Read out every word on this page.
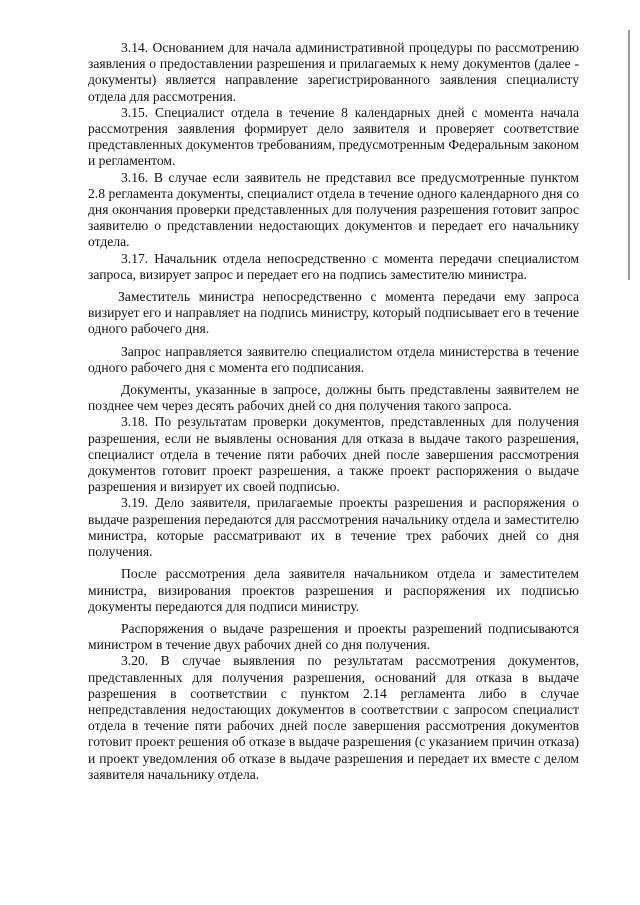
3.14. Основанием для начала административной процедуры по рассмотрению заявления о предоставлении разрешения и прилагаемых к нему документов (далее - документы) является направление зарегистрированного заявления специалисту отдела для рассмотрения.

3.15. Специалист отдела в течение 8 календарных дней с момента начала рассмотрения заявления формирует дело заявителя и проверяет соответствие представленных документов требованиям, предусмотренным Федеральным законом и регламентом.

3.16. В случае если заявитель не представил все предусмотренные пунктом 2.8 регламента документы, специалист отдела в течение одного календарного дня со дня окончания проверки представленных для получения разрешения готовит запрос заявителю о представлении недостающих документов и передает его начальнику отдела.

3.17. Начальник отдела непосредственно с момента передачи специалистом запроса, визирует запрос и передает его на подпись заместителю министра.

Заместитель министра непосредственно с момента передачи ему запроса визирует его и направляет на подпись министру, который подписывает его в течение одного рабочего дня.

Запрос направляется заявителю специалистом отдела министерства в течение одного рабочего дня с момента его подписания.

Документы, указанные в запросе, должны быть представлены заявителем не позднее чем через десять рабочих дней со дня получения такого запроса.

3.18. По результатам проверки документов, представленных для получения разрешения, если не выявлены основания для отказа в выдаче такого разрешения, специалист отдела в течение пяти рабочих дней после завершения рассмотрения документов готовит проект разрешения, а также проект распоряжения о выдаче разрешения и визирует их своей подписью.

3.19. Дело заявителя, прилагаемые проекты разрешения и распоряжения о выдаче разрешения передаются для рассмотрения начальнику отдела и заместителю министра, которые рассматривают их в течение трех рабочих дней со дня получения.

После рассмотрения дела заявителя начальником отдела и заместителем министра, визирования проектов разрешения и распоряжения их подписью документы передаются для подписи министру.

Распоряжения о выдаче разрешения и проекты разрешений подписываются министром в течение двух рабочих дней со дня получения.

3.20. В случае выявления по результатам рассмотрения документов, представленных для получения разрешения, оснований для отказа в выдаче разрешения в соответствии с пунктом 2.14 регламента либо в случае непредставления недостающих документов в соответствии с запросом специалист отдела в течение пяти рабочих дней после завершения рассмотрения документов готовит проект решения об отказе в выдаче разрешения (с указанием причин отказа) и проект уведомления об отказе в выдаче разрешения и передает их вместе с делом заявителя начальнику отдела.
